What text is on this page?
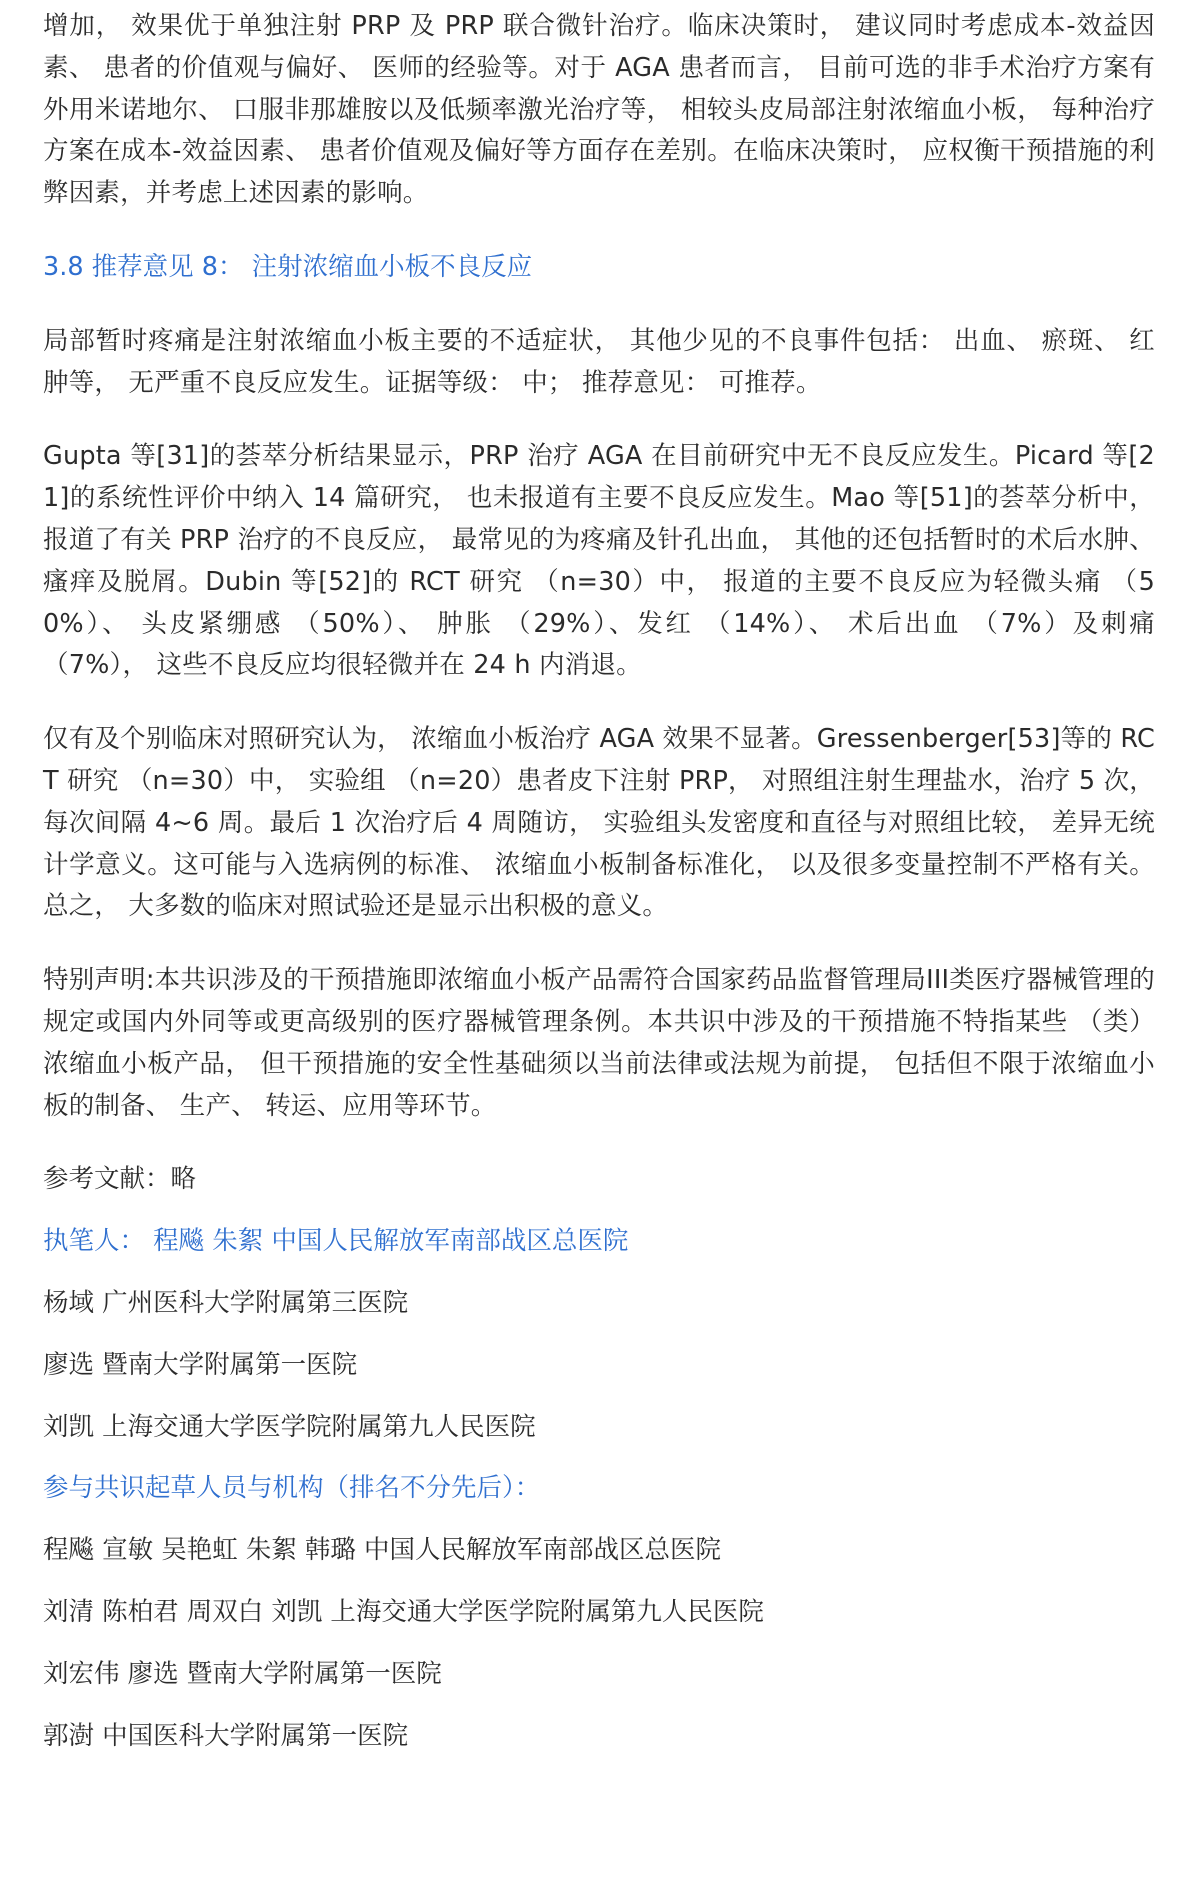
增加， 效果优于单独注射 PRP 及 PRP 联合微针治疗。临床决策时， 建议同时考虑成本-效益因素、 患者的价值观与偏好、 医师的经验等。对于 AGA 患者而言， 目前可选的非手术治疗方案有外用米诺地尔、 口服非那雄胺以及低频率激光治疗等， 相较头皮局部注射浓缩血小板， 每种治疗方案在成本-效益因素、 患者价值观及偏好等方面存在差别。在临床决策时， 应权衡干预措施的利弊因素，并考虑上述因素的影响。

3.8 推荐意见 8： 注射浓缩血小板不良反应

局部暂时疼痛是注射浓缩血小板主要的不适症状， 其他少见的不良事件包括： 出血、 瘀斑、 红肿等， 无严重不良反应发生。证据等级： 中； 推荐意见： 可推荐。

Gupta 等[31]的荟萃分析结果显示，PRP 治疗 AGA 在目前研究中无不良反应发生。Picard 等[21]的系统性评价中纳入 14 篇研究， 也未报道有主要不良反应发生。Mao 等[51]的荟萃分析中， 报道了有关 PRP 治疗的不良反应， 最常见的为疼痛及针孔出血， 其他的还包括暂时的术后水肿、 瘙痒及脱屑。Dubin 等[52]的 RCT 研究 （n=30）中， 报道的主要不良反应为轻微头痛 （50%）、 头皮紧绷感 （50%）、 肿胀 （29%）、发红 （14%）、 术后出血 （7%）及刺痛 （7%）， 这些不良反应均很轻微并在 24 h 内消退。

仅有及个别临床对照研究认为， 浓缩血小板治疗 AGA 效果不显著。Gressenberger[53]等的 RCT 研究 （n=30）中， 实验组 （n=20）患者皮下注射 PRP， 对照组注射生理盐水，治疗 5 次， 每次间隔 4~6 周。最后 1 次治疗后 4 周随访， 实验组头发密度和直径与对照组比较， 差异无统计学意义。这可能与入选病例的标准、 浓缩血小板制备标准化， 以及很多变量控制不严格有关。总之， 大多数的临床对照试验还是显示出积极的意义。

特别声明:本共识涉及的干预措施即浓缩血小板产品需符合国家药品监督管理局III类医疗器械管理的规定或国内外同等或更高级别的医疗器械管理条例。本共识中涉及的干预措施不特指某些 （类）浓缩血小板产品， 但干预措施的安全性基础须以当前法律或法规为前提， 包括但不限于浓缩血小板的制备、 生产、 转运、应用等环节。

参考文献：略

执笔人： 程飚 朱絮 中国人民解放军南部战区总医院

杨域 广州医科大学附属第三医院

廖选 暨南大学附属第一医院

刘凯 上海交通大学医学院附属第九人民医院

参与共识起草人员与机构（排名不分先后）：

程飚 宣敏 吴艳虹 朱絮 韩璐 中国人民解放军南部战区总医院

刘清 陈柏君 周双白 刘凯 上海交通大学医学院附属第九人民医院

刘宏伟 廖选 暨南大学附属第一医院

郭澍 中国医科大学附属第一医院
